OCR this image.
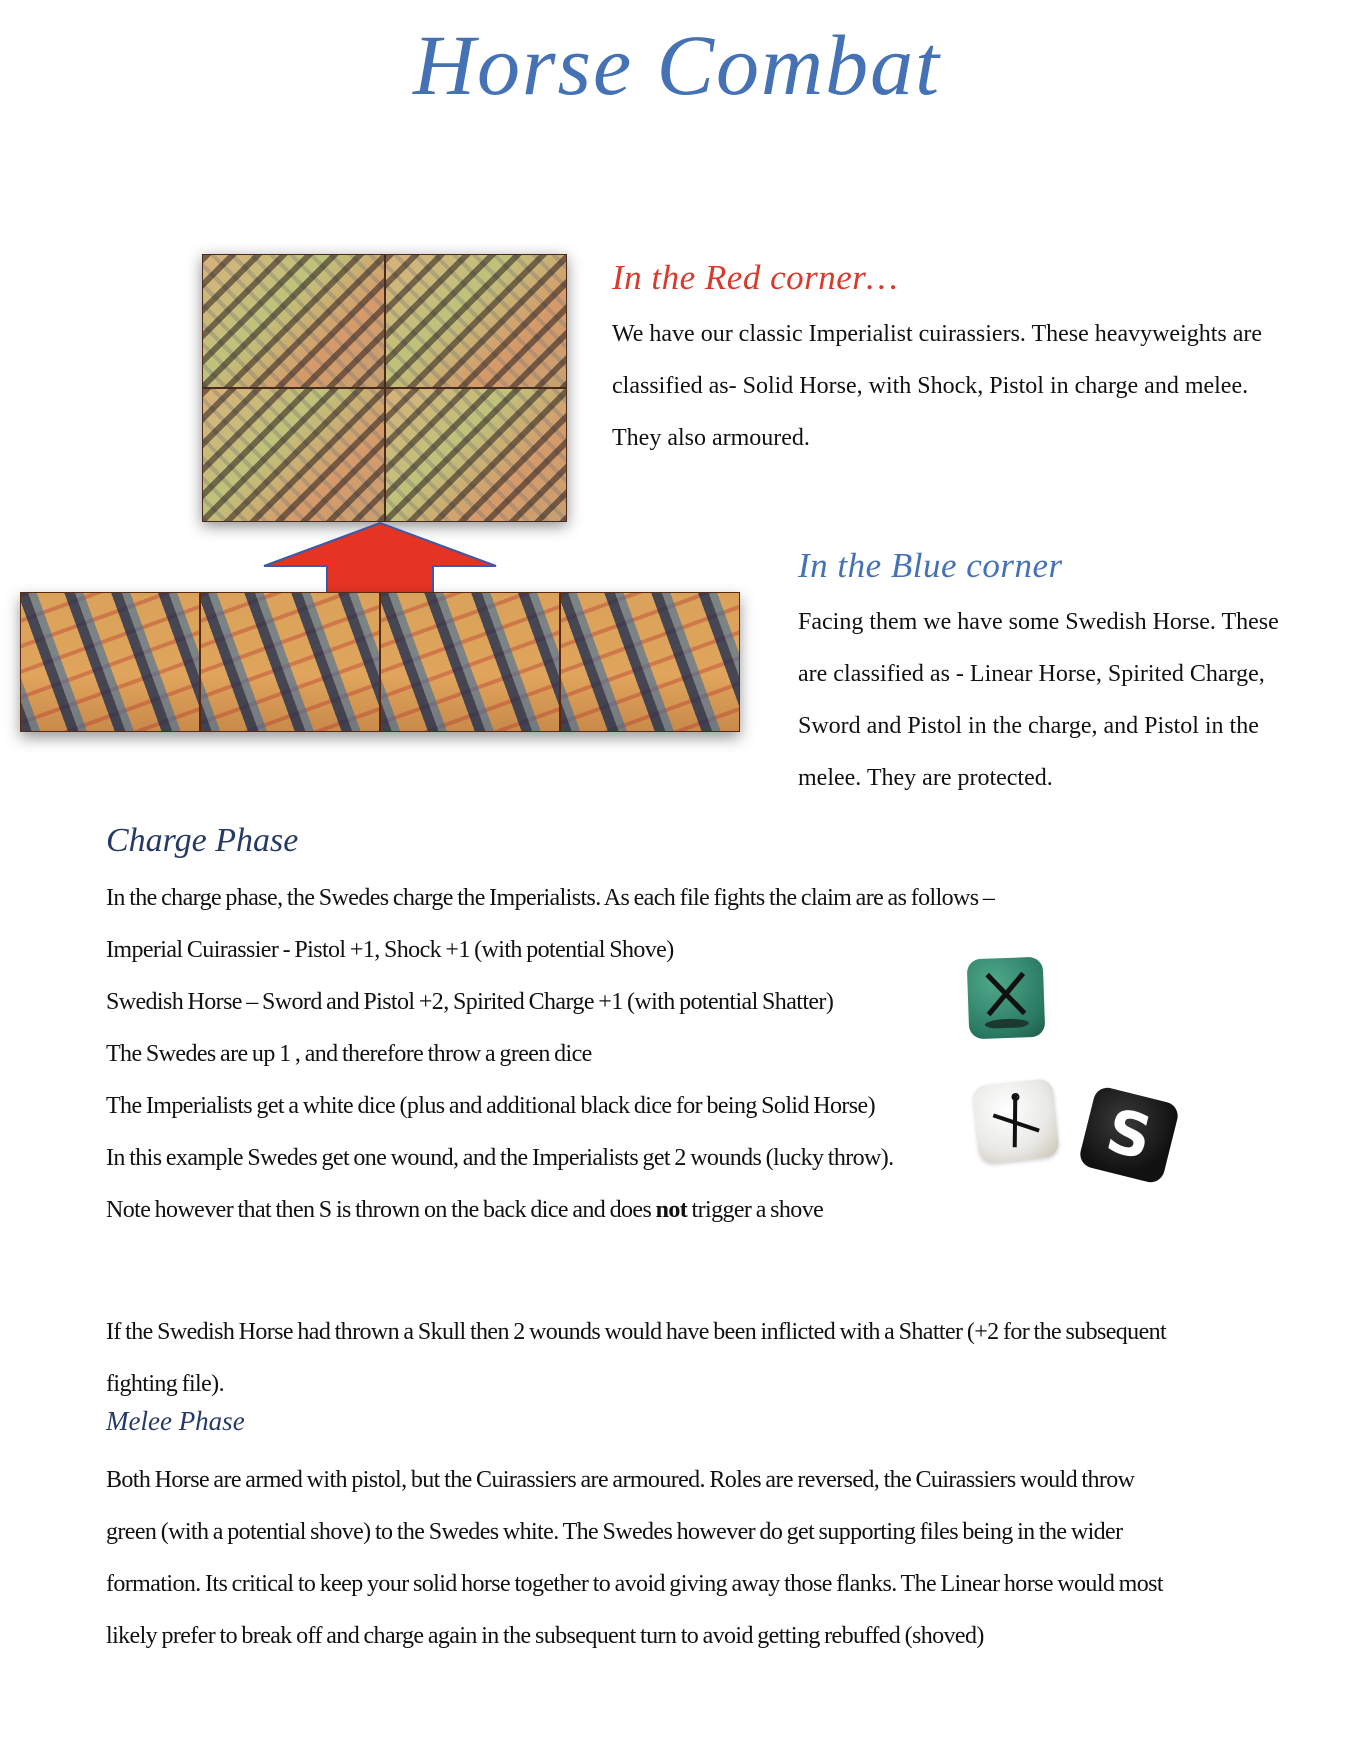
Horse Combat
In the Red corner…
We have our classic Imperialist cuirassiers. These heavyweights are
classified as- Solid Horse, with Shock, Pistol in charge and melee.
They also armoured.
In the Blue corner
Facing them we have some Swedish Horse. These
are classified as - Linear Horse, Spirited Charge,
Sword and Pistol in the charge, and Pistol in the
melee. They are protected.
Charge Phase
In the charge phase, the Swedes charge the Imperialists. As each file fights the claim are as follows –
Imperial Cuirassier - Pistol +1, Shock +1 (with potential Shove)
Swedish Horse – Sword and Pistol +2, Spirited Charge +1 (with potential Shatter)
The Swedes are up 1 , and therefore throw a green dice
The Imperialists get a white dice (plus and additional black dice for being Solid Horse)
In this example Swedes get one wound, and the Imperialists get 2 wounds (lucky throw).
Note however that then S is thrown on the back dice and does not trigger a shove
If the Swedish Horse had thrown a Skull then 2 wounds would have been inflicted with a Shatter (+2 for the subsequent
fighting file).
S
Melee Phase
Both Horse are armed with pistol, but the Cuirassiers are armoured. Roles are reversed, the Cuirassiers would throw
green (with a potential shove) to the Swedes white. The Swedes however do get supporting files being in the wider
formation. Its critical to keep your solid horse together to avoid giving away those flanks. The Linear horse would most
likely prefer to break off and charge again in the subsequent turn to avoid getting rebuffed (shoved)
